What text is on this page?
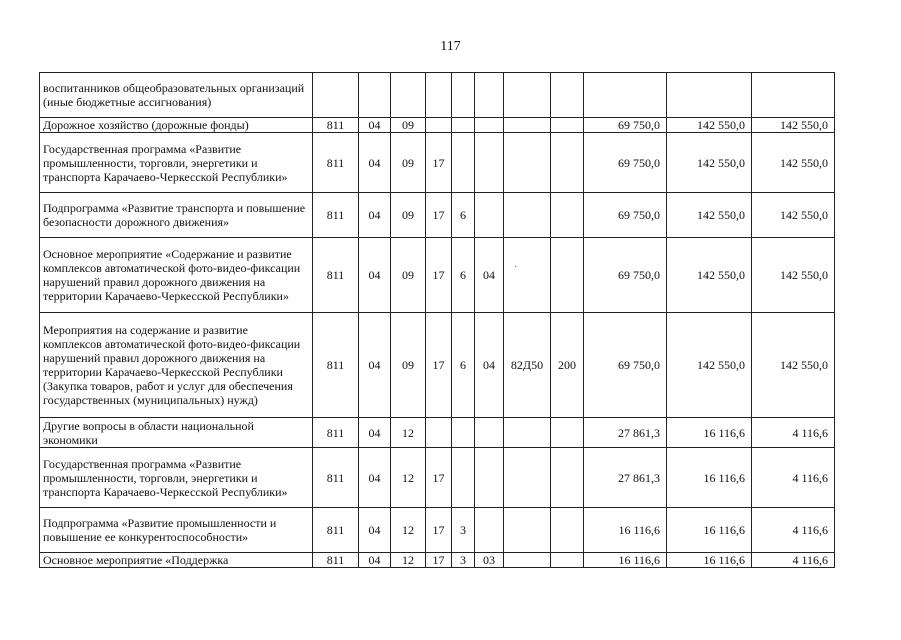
117
воспитанников общеобразовательных организаций (иные бюджетные ассигнования)											
Дорожное хозяйство (дорожные фонды)	811	04	09						69 750,0	142 550,0	142 550,0
Государственная программа «Развитие промышленности, торговли, энергетики и транспорта Карачаево-Черкесской Республики»	811	04	09	17					69 750,0	142 550,0	142 550,0
Подпрограмма «Развитие транспорта и повышение безопасности дорожного движения»	811	04	09	17	6				69 750,0	142 550,0	142 550,0
Основное мероприятие «Содержание и развитие комплексов автоматической фото-видео-фиксации нарушений правил дорожного движения на территории Карачаево-Черкесской Республики»	811	04	09	17	6	04			69 750,0	142 550,0	142 550,0
Мероприятия на содержание и развитие комплексов автоматической фото-видео-фиксации нарушений правил дорожного движения на территории Карачаево-Черкесской Республики (Закупка товаров, работ и услуг для обеспечения государственных (муниципальных) нужд)	811	04	09	17	6	04	82Д50	200	69 750,0	142 550,0	142 550,0
Другие вопросы в области национальной экономики	811	04	12						27 861,3	16 116,6	4 116,6
Государственная программа «Развитие промышленности, торговли, энергетики и транспорта Карачаево-Черкесской Республики»	811	04	12	17					27 861,3	16 116,6	4 116,6
Подпрограмма «Развитие промышленности и повышение ее конкурентоспособности»	811	04	12	17	3				16 116,6	16 116,6	4 116,6
Основное мероприятие «Поддержка	811	04	12	17	3	03			16 116,6	16 116,6	4 116,6
·
